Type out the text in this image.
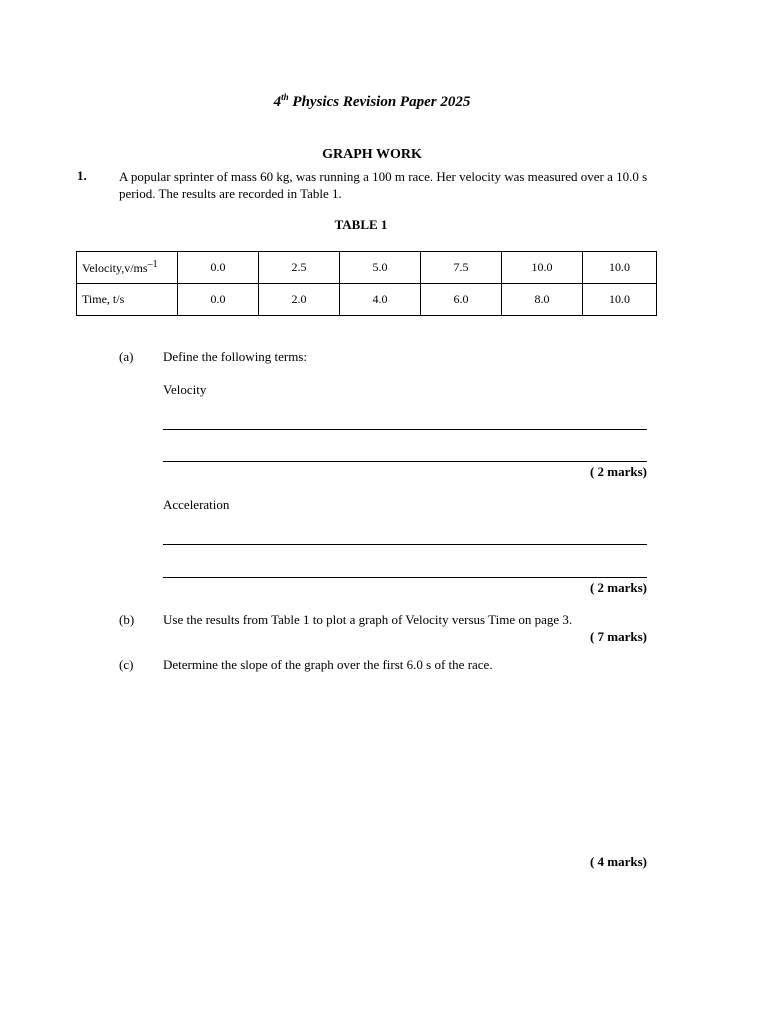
4th Physics Revision Paper 2025
GRAPH WORK
1. A popular sprinter of mass 60 kg, was running a 100 m race. Her velocity was measured over a 10.0 s period. The results are recorded in Table 1.
TABLE 1
$Velocity,v/ms^{-1}$	0.0	2.5	5.0	7.5	10.0	10.0
Time, t/s	0.0	2.0	4.0	6.0	8.0	10.0
(a) Define the following terms:
Velocity
( 2 marks)
Acceleration
( 2 marks)
(b) Use the results from Table 1 to plot a graph of Velocity versus Time on page 3.
( 7 marks)
(c) Determine the slope of the graph over the first 6.0 s of the race.
( 4 marks)
